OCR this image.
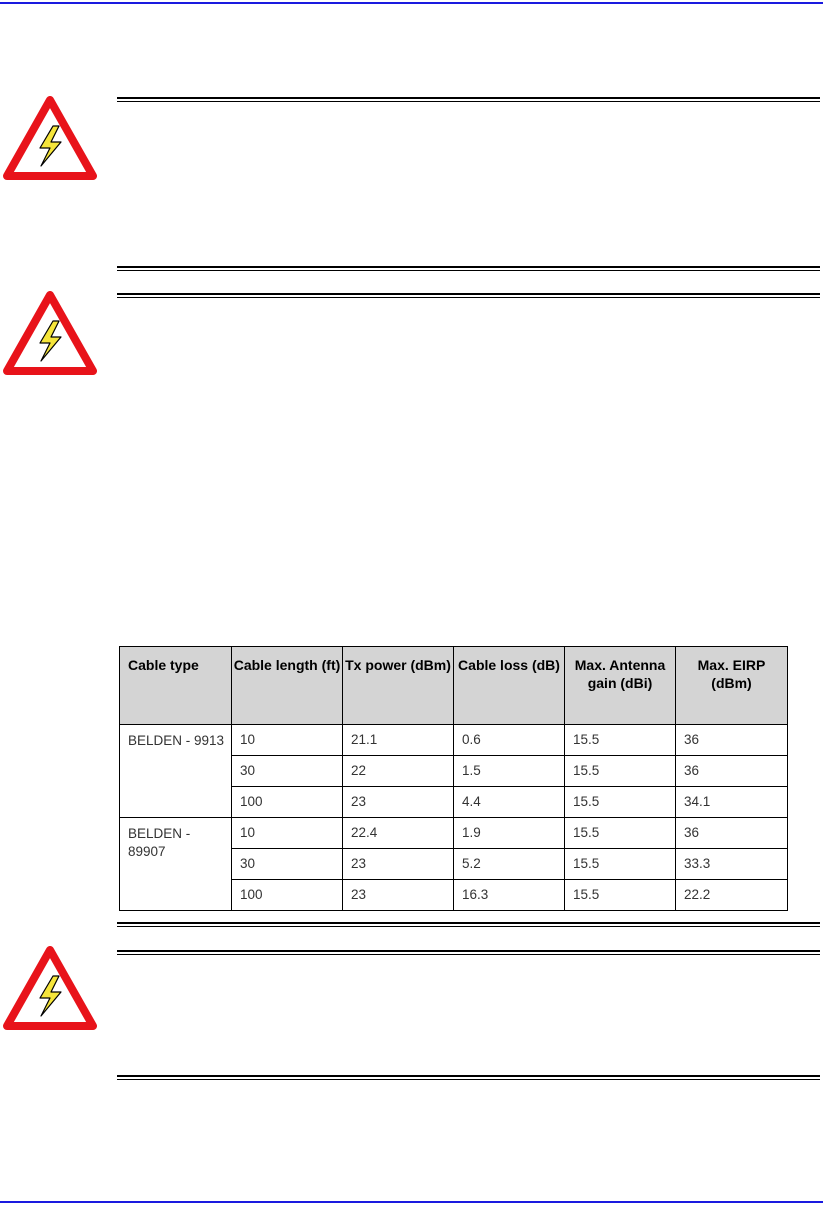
Cable type	Cable length (ft)	Tx power (dBm)	Cable loss (dB)	Max. Antenna gain (dBi)	Max. EIRP (dBm)
BELDEN - 9913	10	21.1	0.6	15.5	36
	30	22	1.5	15.5	36
	100	23	4.4	15.5	34.1
BELDEN - 89907	10	22.4	1.9	15.5	36
	30	23	5.2	15.5	33.3
	100	23	16.3	15.5	22.2
